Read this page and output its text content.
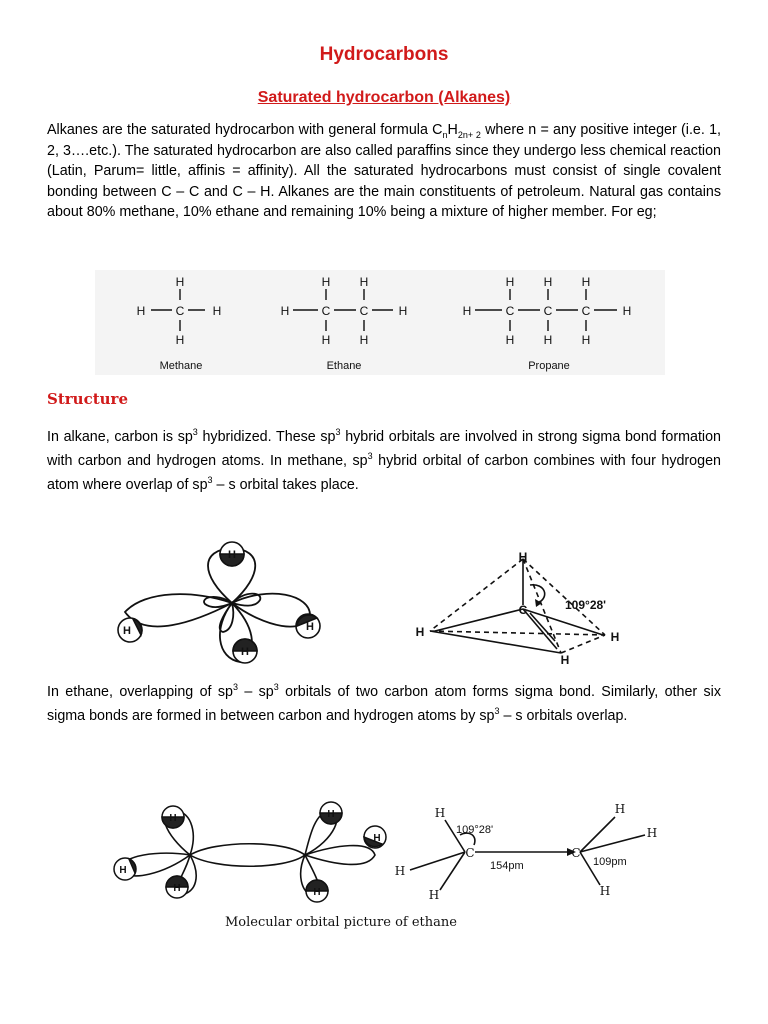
Hydrocarbons
Saturated hydrocarbon (Alkanes)
Alkanes are the saturated hydrocarbon with general formula $C_nH_{2n+ 2}$ where n = any positive integer (i.e. 1, 2, 3….etc.). The saturated hydrocarbon are also called paraffins since they undergo less chemical reaction (Latin, Parum= little, affinis = affinity). All the saturated hydrocarbons must consist of single covalent bonding between C – C and C – H. Alkanes are the main constituents of petroleum. Natural gas contains about 80% methane, 10% ethane and remaining 10% being a mixture of higher member. For eg;
H
C
H
H	H
H H
C C
H H
H	H
H H H
C C C
H H H
H	H
Methane	Ethane	Propane
Structure
In alkane, carbon is $sp^3$ hybridized. These $sp^3$ hybrid orbitals are involved in strong sigma bond formation with carbon and hydrogen atoms. In methane, $sp^3$ hybrid orbital of carbon combines with four hydrogen atom where overlap of $sp^3$ – s orbital takes place.
H
H	H
H
H
C
H	H
H
109°28'
In ethane, overlapping of $sp^3 - sp^3$ orbitals of two carbon atom forms sigma bond. Similarly, other six sigma bonds are formed in between carbon and hydrogen atoms by $sp^3$ – s orbitals overlap.
H
H
H
H
H
H
C	C
H
H
H
H
H
H
109°28'
154pm	109pm
Molecular orbital picture of ethane
